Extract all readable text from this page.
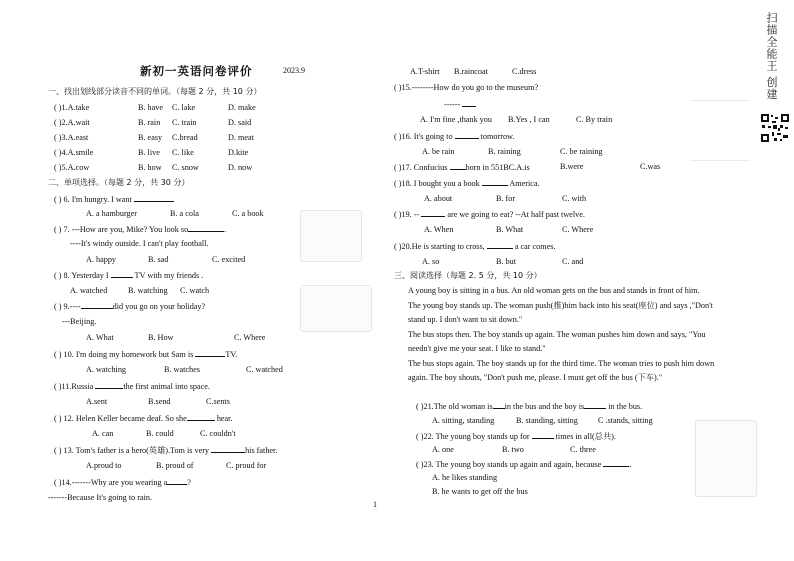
新初一英语问卷评价	2023.9	扫描全能王 创建
一、找出划线部分读音不同的单词。（每题 2 分，共 10 分）
( )1.A.take	B. have C. lake	D. make
( )2.A.wait	B. rain C. train	D. said
( )3.A.east	B. easy C.bread	D. meat
( )4.A.smile	B. live C. like	D.kite
( )5.A.cow	B. how C. snow	D. now
二、单项选择。（每题 2 分，共 30 分）
( ) 6. I'm hungry. I want
A. a hamburger	B. a cola	C. a book
( ) 7. ---How are you, Mike? You look so	.
----It's windy outside. I can't play football.
A. happy	B. sad	C. excited
( ) 8. Yesterday I	TV with my friends .
A. watched	B. watching C. watch
( ) 9.----	did you go on your holiday?
---Beijing.
A. What	B. How	C. Where
( ) 10. I'm doing my homework but Sam is	TV.
A. watching	B. watches	C. watched
( )11.Russia	the first animal into space.
A.sent	B.send	C.sents
( ) 12. Helen Keller became deaf. So she	hear.
A. can	B. could	C. couldn't
( ) 13. Tom's father is a hero(英雄).Tom is very	his father.
A.proud to	B. proud of	C. proud for
( )14.-------Why are you wearing a ?
-------Because It's going to rain.
1
A.T-shirt B.raincoat	C.dress
( )15.--------How do you go to the museum?
------
A. I'm fine ,thank you B.Yes , I can	C. By train
( )16. It's going to	tomorrow.
A. be rain	B. raining	C. be raining
( )17. Confucius born in 551BC.A.is	B.were	C.was
( )18. I bought you a book	America.
A. about	B. for	C. with
( )19. --	are we going to eat? --At half past twelve.
A. When	B. What	C. Where
( )20.He is starting to cross,	a car comes.
A. so	B. but	C. and
三、阅读选择（每题 2. 5 分，共 10 分）
A young boy is sitting in a bus. An old woman gets on the bus and stands in front of him.
The young boy stands up. The woman push(推)him back into his seat(座位) and says ,"Don't
stand up. I don't want to sit down."
The bus stops then. The boy stands up again. The woman pushes him down and says, "You
needn't give me your seat. I like to stand."
The bus stops again. The boy stands up for the third time. The woman tries to push him down
again. The boy shouts, "Don't push me, please. I must get off the bus (下车)."
( )21.The old woman is in the bus and the boy is	in the bus.
A. sitting, standing	B. standing, sitting C .stands, sitting
( )22. The young boy stands up for	times in all(总共).
A. one	B. two	C. three
( )23. The young boy stands up again and again, because	.
A. he likes standing
B. he wants to get off the bus
